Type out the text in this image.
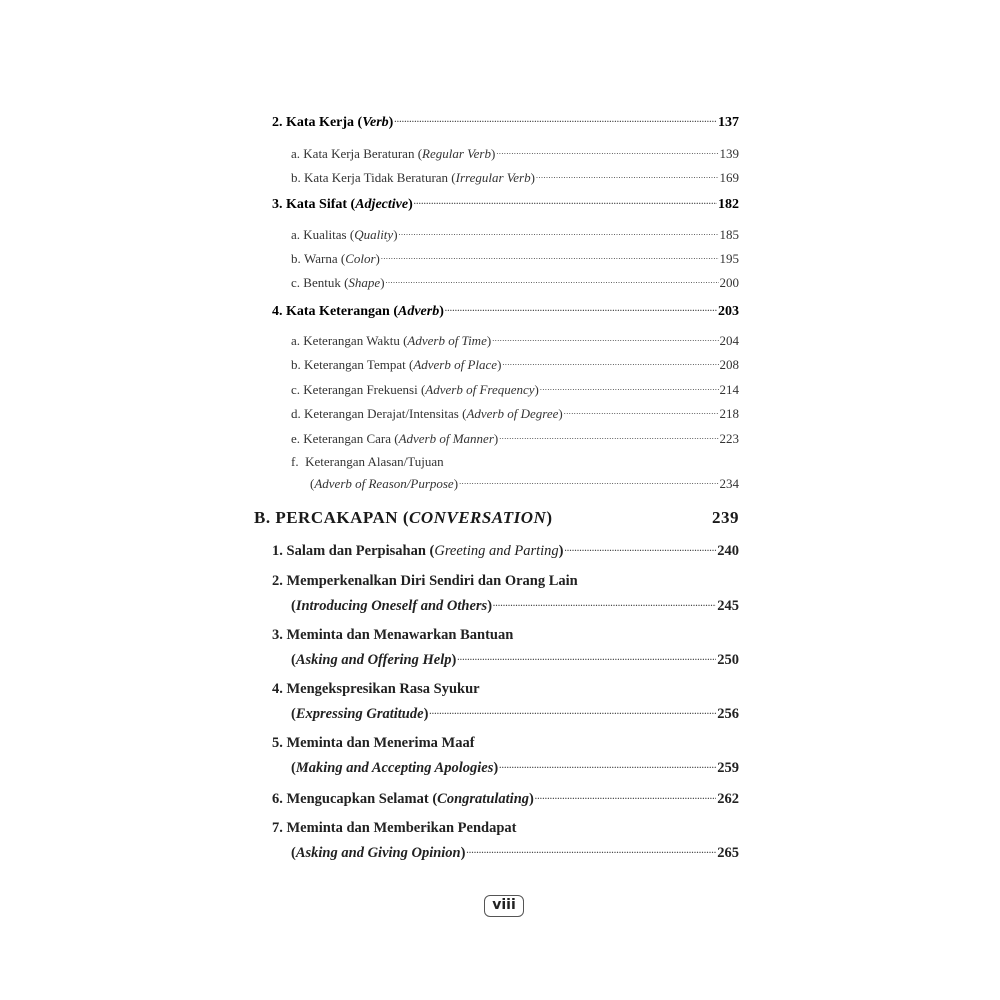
2.
Kata Kerja ( Verb ) .....	137
a.
Kata Kerja Beraturan ( Regular Verb ) .....	139
b.
Kata Kerja Tidak Beraturan ( Irregular Verb ) .....	169
3.
Kata Sifat ( Adjective ) .....	182
a.
Kualitas ( Quality ) .....	185
b.
Warna ( Color ) .....	195
c.
Bentuk ( Shape ) .....	200
4.
Kata Keterangan ( Adverb ) .....	203
a.
Keterangan Waktu ( Adverb of Time ) .....	204
b.
Keterangan Tempat ( Adverb of Place ) .....	208
c.
Keterangan Frekuensi ( Adverb of Frequency ) .....	214
d.
Keterangan Derajat/Intensitas ( Adverb of Degree ) .....	218
e.
Keterangan Cara ( Adverb of Manner ) .....	223
f.
Keterangan Alasan/Tujuan
( Adverb of Reason/Purpose ) .....	234
B. PERCAKAPAN ( CONVERSATION )	239
1.
Salam dan Perpisahan ( Greeting and Parting ) .....	240
2.
Memperkenalkan Diri Sendiri dan Orang Lain
( Introducing Oneself and Others ) .....	245
3.
Meminta dan Menawarkan Bantuan
( Asking and Offering Help ) .....	250
4.
Mengekspresikan Rasa Syukur
( Expressing Gratitude ) .....	256
5.
Meminta dan Menerima Maaf
( Making and Accepting Apologies ) .....	259
6.
Mengucapkan Selamat ( Congratulating ) .....	262
7.
Meminta dan Memberikan Pendapat
( Asking and Giving Opinion ) .....	265
viii
